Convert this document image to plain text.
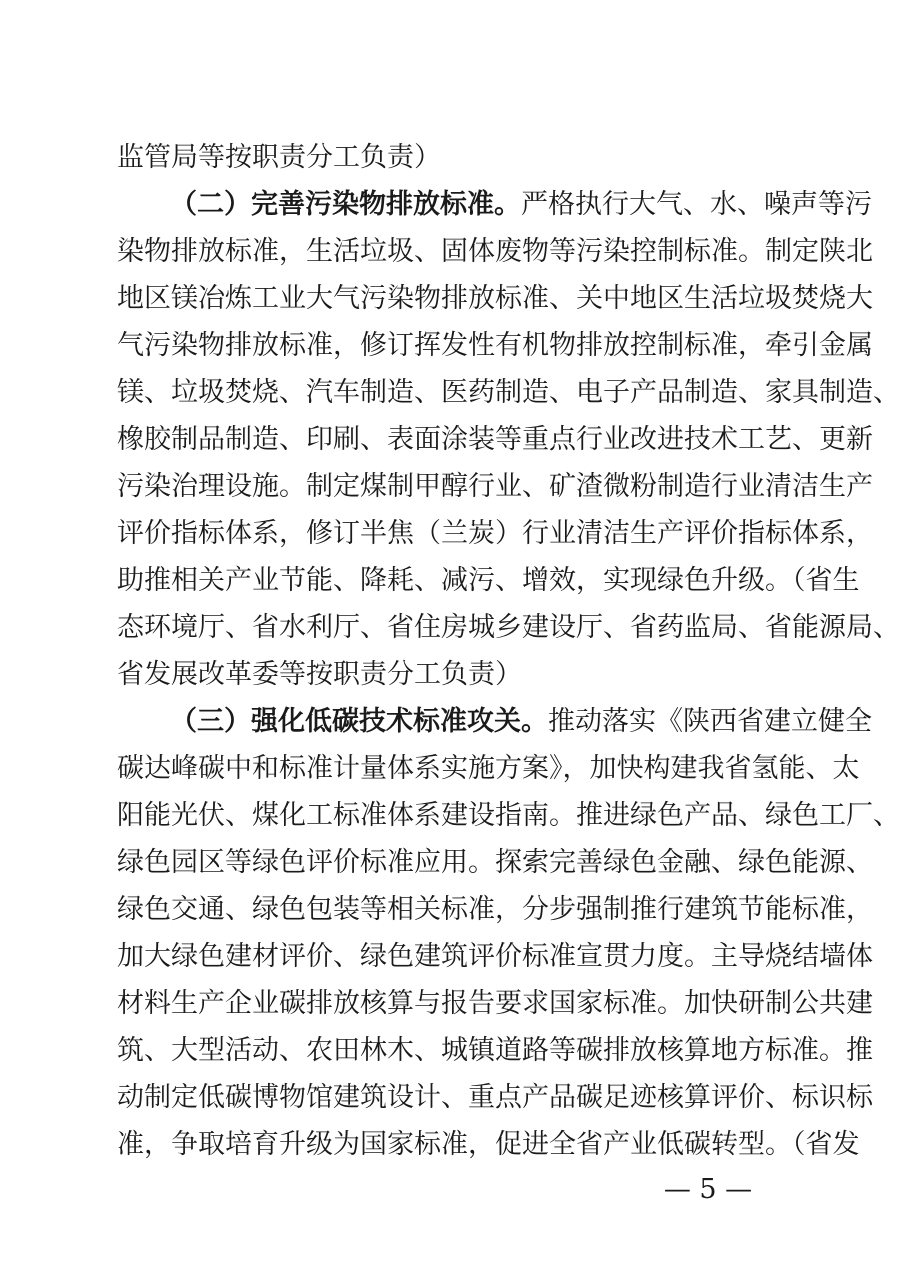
监管局等按职责分工负责）
（二）完善污染物排放标准。严格执行大气、水、噪声等污
染物排放标准，生活垃圾、固体废物等污染控制标准。制定陕北
地区镁冶炼工业大气污染物排放标准、关中地区生活垃圾焚烧大
气污染物排放标准，修订挥发性有机物排放控制标准，牵引金属
镁、垃圾焚烧、汽车制造、医药制造、电子产品制造、家具制造、
橡胶制品制造、印刷、表面涂装等重点行业改进技术工艺、更新
污染治理设施。制定煤制甲醇行业、矿渣微粉制造行业清洁生产
评价指标体系，修订半焦（兰炭）行业清洁生产评价指标体系，
助推相关产业节能、降耗、减污、增效，实现绿色升级。（省生
态环境厅、省水利厅、省住房城乡建设厅、省药监局、省能源局、
省发展改革委等按职责分工负责）
（三）强化低碳技术标准攻关。推动落实《陕西省建立健全
碳达峰碳中和标准计量体系实施方案》，加快构建我省氢能、太
阳能光伏、煤化工标准体系建设指南。推进绿色产品、绿色工厂、
绿色园区等绿色评价标准应用。探索完善绿色金融、绿色能源、
绿色交通、绿色包装等相关标准，分步强制推行建筑节能标准，
加大绿色建材评价、绿色建筑评价标准宣贯力度。主导烧结墙体
材料生产企业碳排放核算与报告要求国家标准。加快研制公共建
筑、大型活动、农田林木、城镇道路等碳排放核算地方标准。推
动制定低碳博物馆建筑设计、重点产品碳足迹核算评价、标识标
准，争取培育升级为国家标准，促进全省产业低碳转型。（省发
— 5 —
